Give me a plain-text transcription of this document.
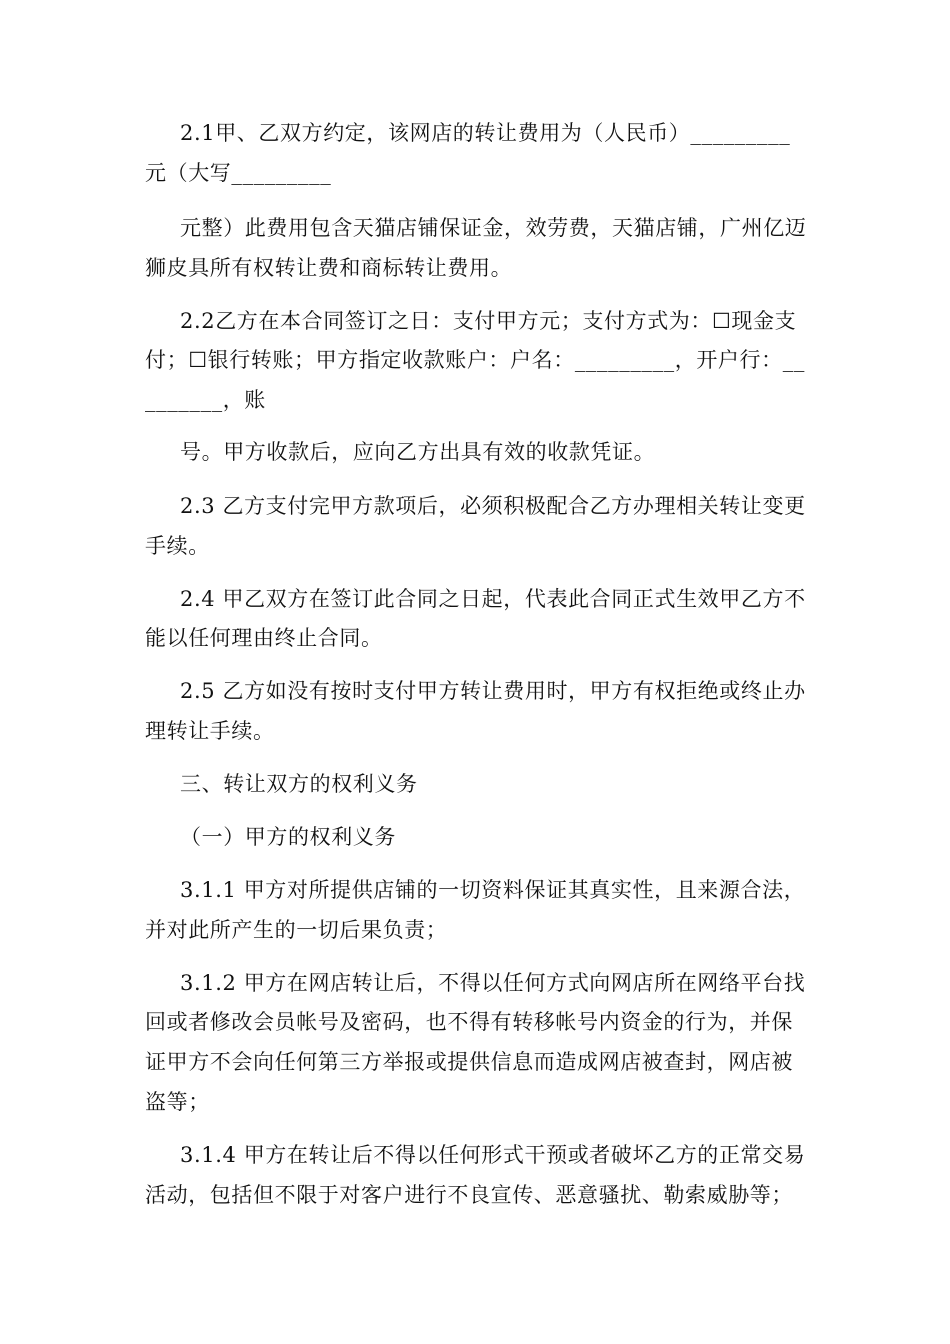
2.1甲、乙双方约定，该网店的转让费用为（人民币）_________
元（大写_________
元整）此费用包含天猫店铺保证金，效劳费，天猫店铺，广州亿迈
狮皮具所有权转让费和商标转让费用。
2.2乙方在本合同签订之日：支付甲方元；支付方式为：☐现金支
付；☐银行转账；甲方指定收款账户：户名：_________，开户行：__
_______，账
号。甲方收款后，应向乙方出具有效的收款凭证。
2.3 乙方支付完甲方款项后，必须积极配合乙方办理相关转让变更
手续。
2.4 甲乙双方在签订此合同之日起，代表此合同正式生效甲乙方不
能以任何理由终止合同。
2.5 乙方如没有按时支付甲方转让费用时，甲方有权拒绝或终止办
理转让手续。
三、转让双方的权利义务
（一）甲方的权利义务
3.1.1 甲方对所提供店铺的一切资料保证其真实性，且来源合法，
并对此所产生的一切后果负责；
3.1.2 甲方在网店转让后，不得以任何方式向网店所在网络平台找
回或者修改会员帐号及密码，也不得有转移帐号内资金的行为，并保
证甲方不会向任何第三方举报或提供信息而造成网店被查封，网店被
盗等；
3.1.4 甲方在转让后不得以任何形式干预或者破坏乙方的正常交易
活动，包括但不限于对客户进行不良宣传、恶意骚扰、勒索威胁等；
